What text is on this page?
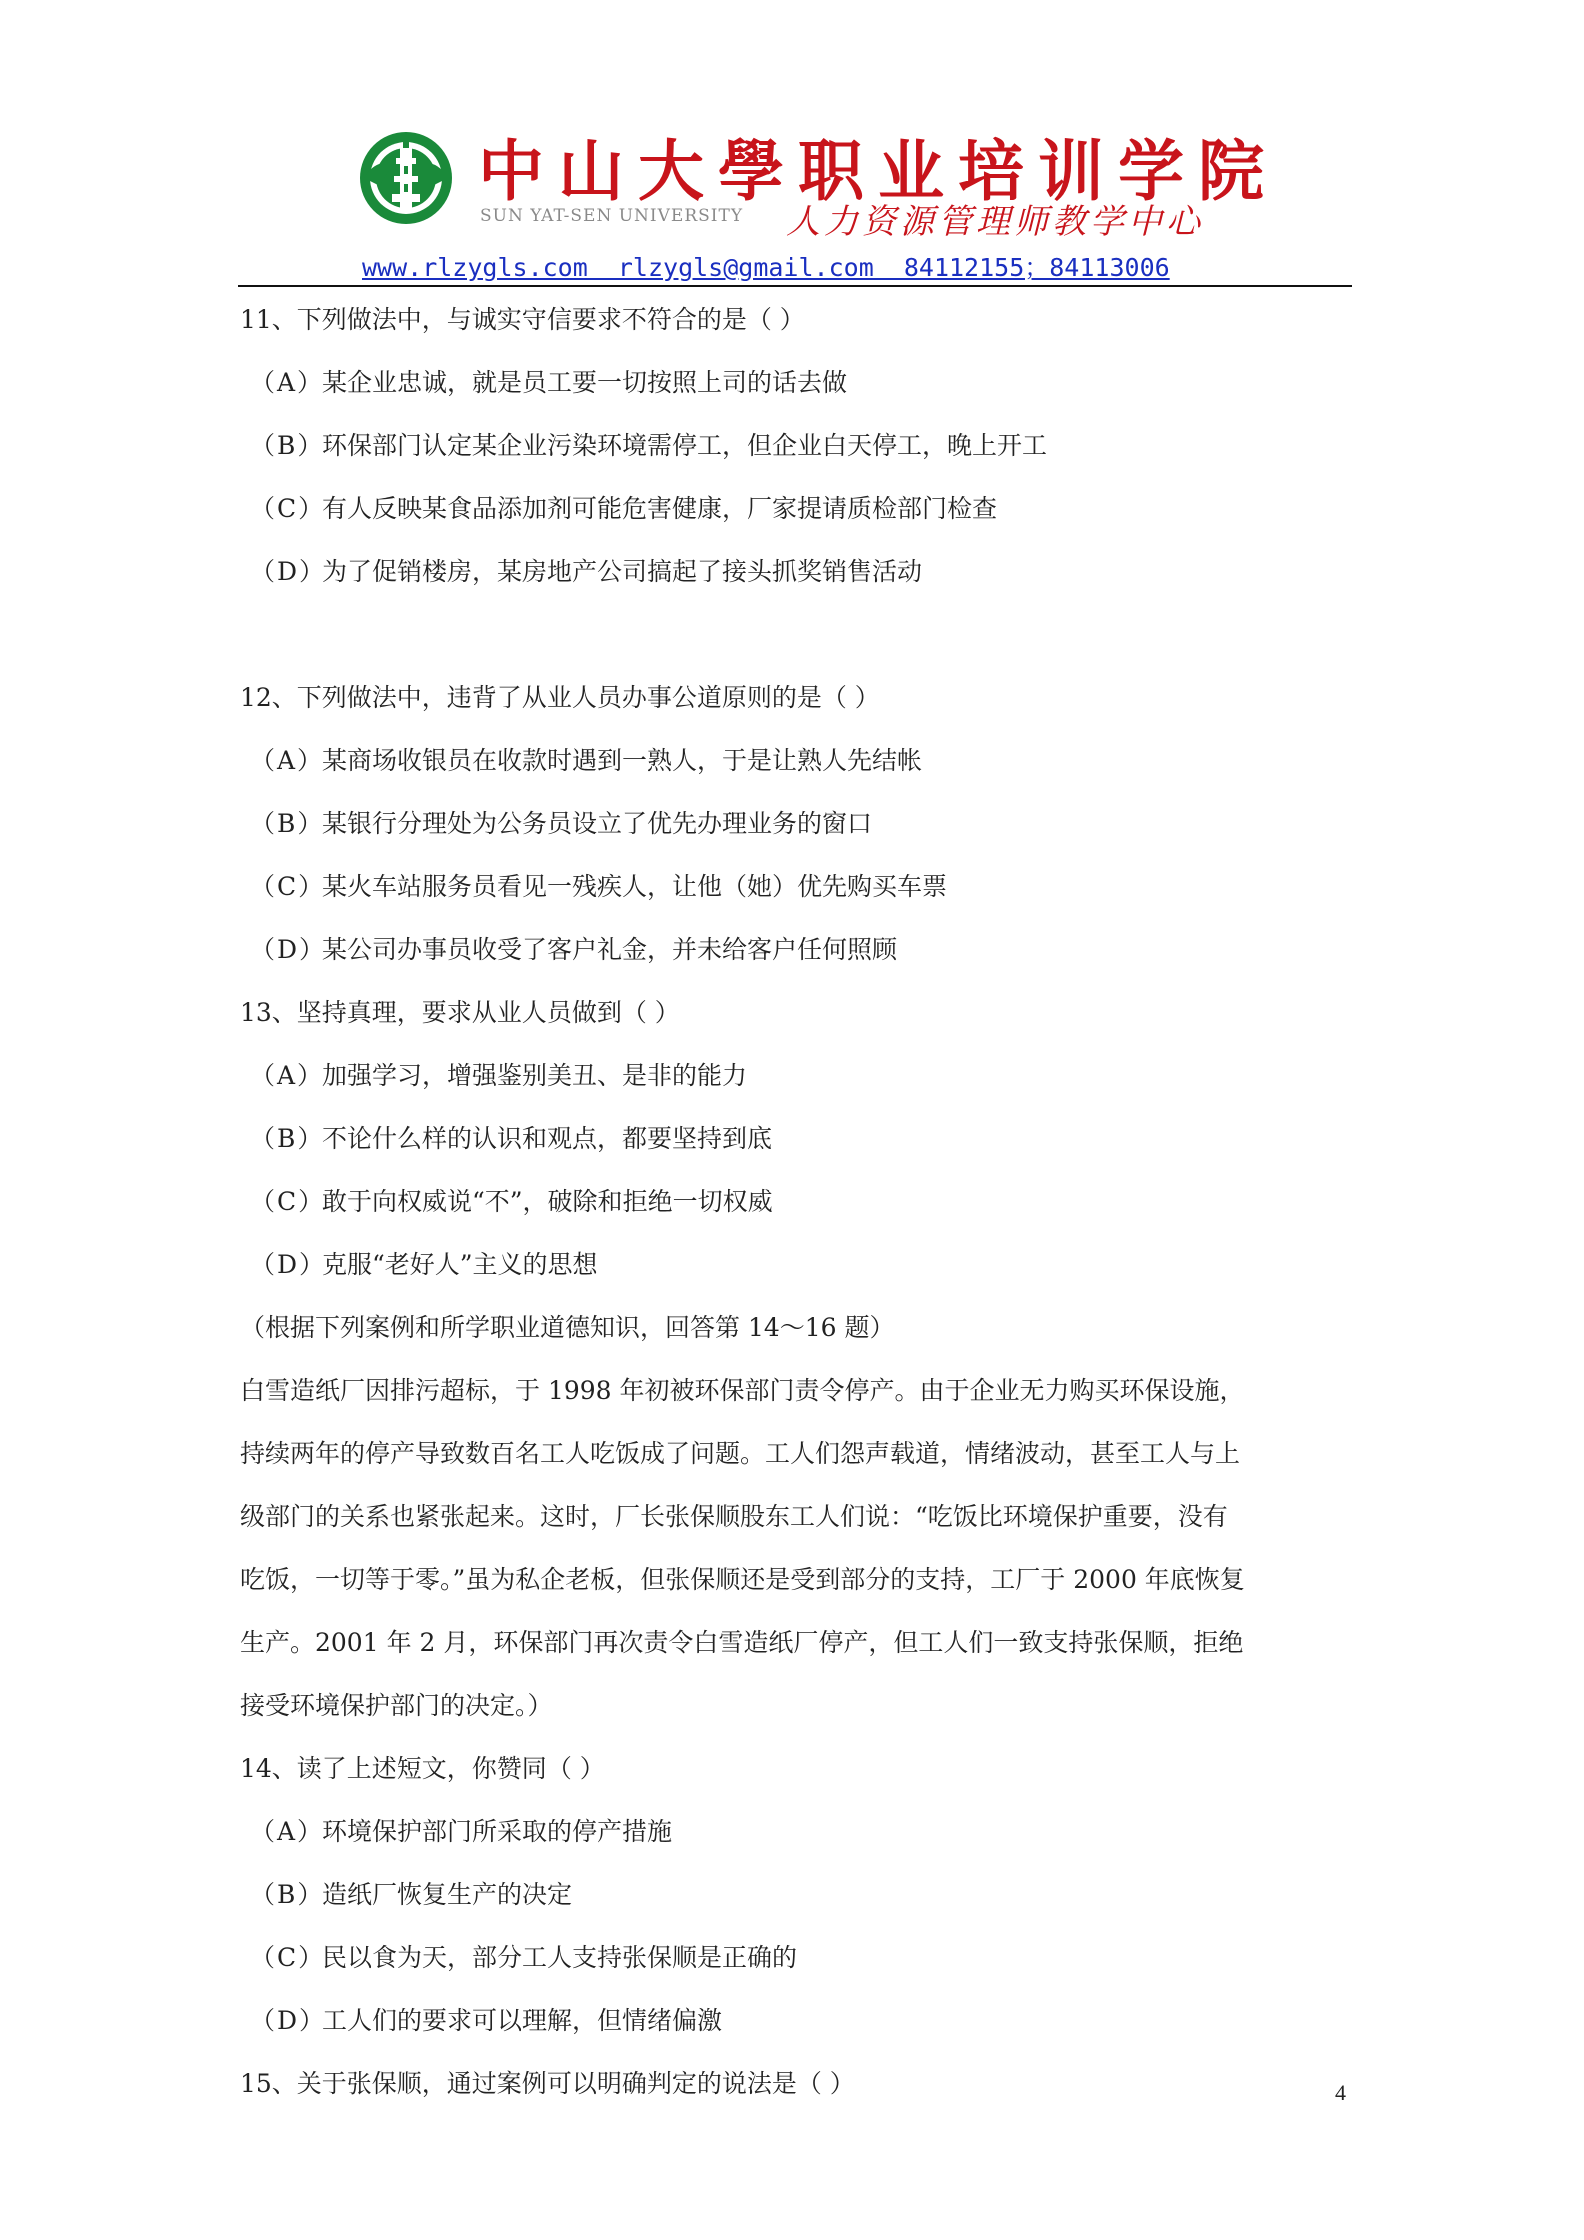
中山大學职业培训学院
SUN YAT-SEN UNIVERSITY 人力资源管理师教学中心
www.rlzygls.com  rlzygls@gmail.com  84112155；84113006
11、下列做法中，与诚实守信要求不符合的是（ ）
（A）某企业忠诚，就是员工要一切按照上司的话去做
（B）环保部门认定某企业污染环境需停工，但企业白天停工，晚上开工
（C）有人反映某食品添加剂可能危害健康，厂家提请质检部门检查
（D）为了促销楼房，某房地产公司搞起了接头抓奖销售活动
12、下列做法中，违背了从业人员办事公道原则的是（ ）
（A）某商场收银员在收款时遇到一熟人，于是让熟人先结帐
（B）某银行分理处为公务员设立了优先办理业务的窗口
（C）某火车站服务员看见一残疾人，让他（她）优先购买车票
（D）某公司办事员收受了客户礼金，并未给客户任何照顾
13、坚持真理，要求从业人员做到（ ）
（A）加强学习，增强鉴别美丑、是非的能力
（B）不论什么样的认识和观点，都要坚持到底
（C）敢于向权威说“不”，破除和拒绝一切权威
（D）克服“老好人”主义的思想
（根据下列案例和所学职业道德知识，回答第 14～16 题）
白雪造纸厂因排污超标，于 1998 年初被环保部门责令停产。由于企业无力购买环保设施，
持续两年的停产导致数百名工人吃饭成了问题。工人们怨声载道，情绪波动，甚至工人与上
级部门的关系也紧张起来。这时，厂长张保顺股东工人们说：“吃饭比环境保护重要，没有
吃饭，一切等于零。”虽为私企老板，但张保顺还是受到部分的支持，工厂于 2000 年底恢复
生产。2001 年 2 月，环保部门再次责令白雪造纸厂停产，但工人们一致支持张保顺，拒绝
接受环境保护部门的决定。）
14、读了上述短文，你赞同（ ）
（A）环境保护部门所采取的停产措施
（B）造纸厂恢复生产的决定
（C）民以食为天，部分工人支持张保顺是正确的
（D）工人们的要求可以理解，但情绪偏激
15、关于张保顺，通过案例可以明确判定的说法是（ ）	4
